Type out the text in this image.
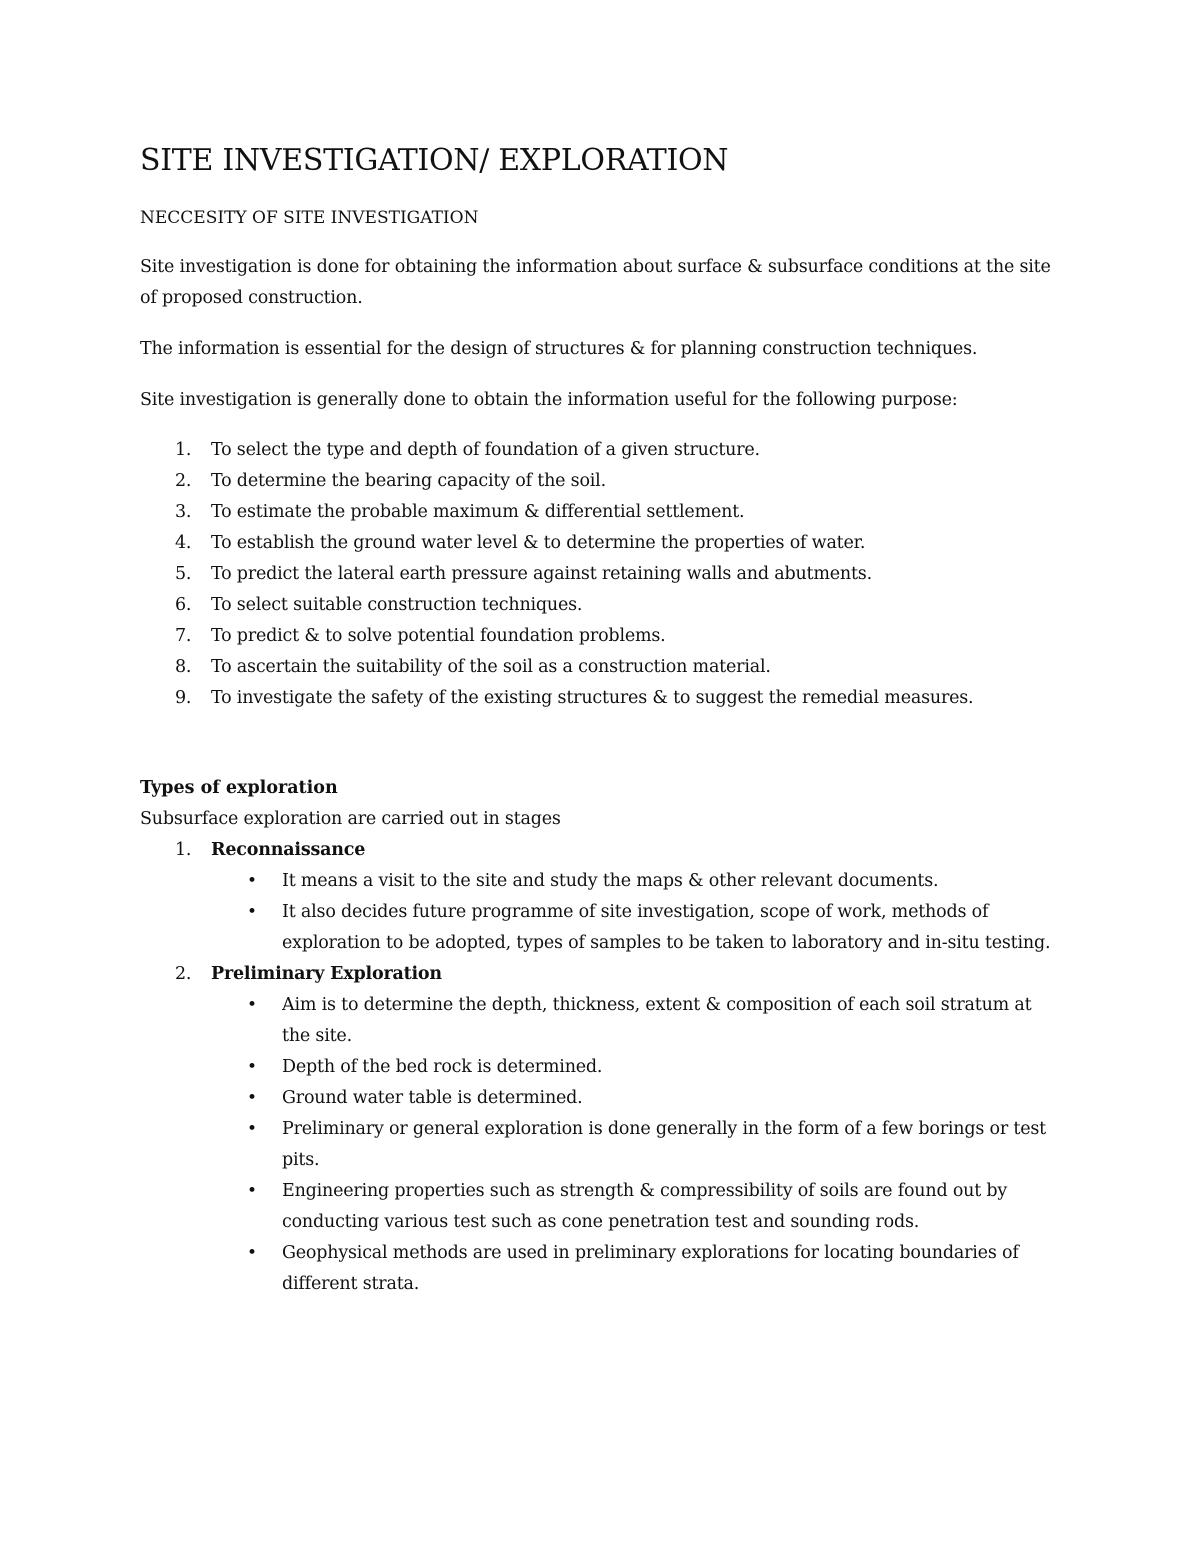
SITE INVESTIGATION/ EXPLORATION
NECCESITY OF SITE INVESTIGATION

Site investigation is done for obtaining the information about surface & subsurface conditions at the site of proposed construction.

The information is essential for the design of structures & for planning construction techniques.

Site investigation is generally done to obtain the information useful for the following purpose:

1. To select the type and depth of foundation of a given structure.
2. To determine the bearing capacity of the soil.
3. To estimate the probable maximum & differential settlement.
4. To establish the ground water level & to determine the properties of water.
5. To predict the lateral earth pressure against retaining walls and abutments.
6. To select suitable construction techniques.
7. To predict & to solve potential foundation problems.
8. To ascertain the suitability of the soil as a construction material.
9. To investigate the safety of the existing structures & to suggest the remedial measures.
Types of exploration

Subsurface exploration are carried out in stages

1. Reconnaissance
• It means a visit to the site and study the maps & other relevant documents.
• It also decides future programme of site investigation, scope of work, methods of exploration to be adopted, types of samples to be taken to laboratory and in-situ testing.
2. Preliminary Exploration
• Aim is to determine the depth, thickness, extent & composition of each soil stratum at the site.
• Depth of the bed rock is determined.
• Ground water table is determined.
• Preliminary or general exploration is done generally in the form of a few borings or test pits.
• Engineering properties such as strength & compressibility of soils are found out by conducting various test such as cone penetration test and sounding rods.
• Geophysical methods are used in preliminary explorations for locating boundaries of different strata.
